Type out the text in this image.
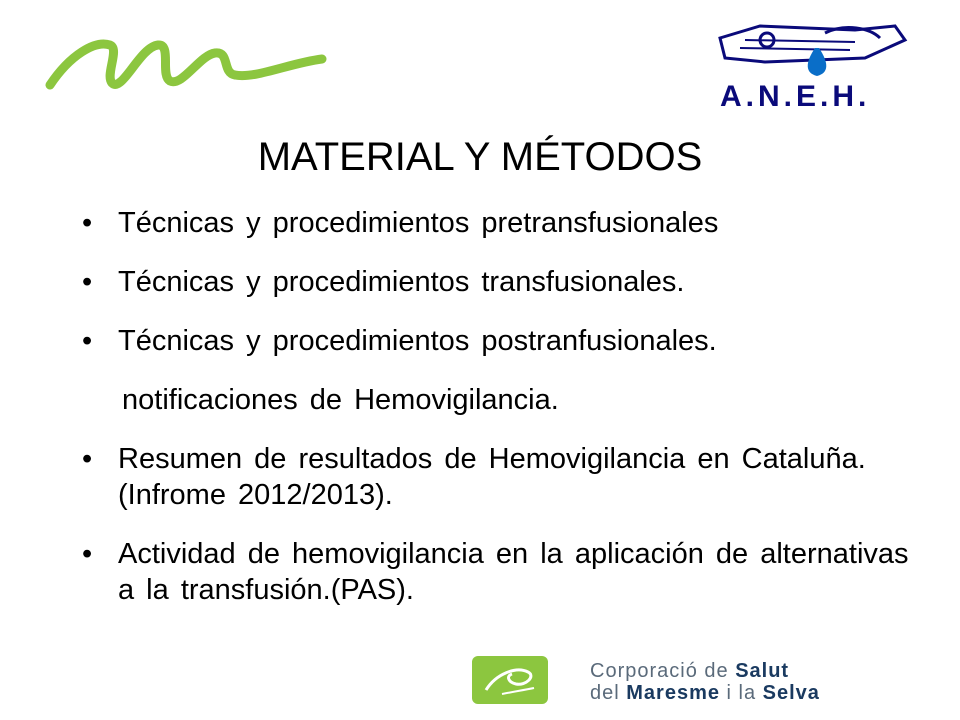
A.N.E.H.
MATERIAL Y MÉTODOS
• Técnicas y procedimientos pretransfusionales
• Técnicas y procedimientos transfusionales.
• Técnicas y procedimientos postranfusionales.
notificaciones de Hemovigilancia.
• Resumen de resultados de Hemovigilancia en Cataluña. (Infrome 2012/2013).
• Actividad de hemovigilancia en la aplicación de alternativas a la transfusión.(PAS).
Corporació de Salut
del Maresme i la Selva
